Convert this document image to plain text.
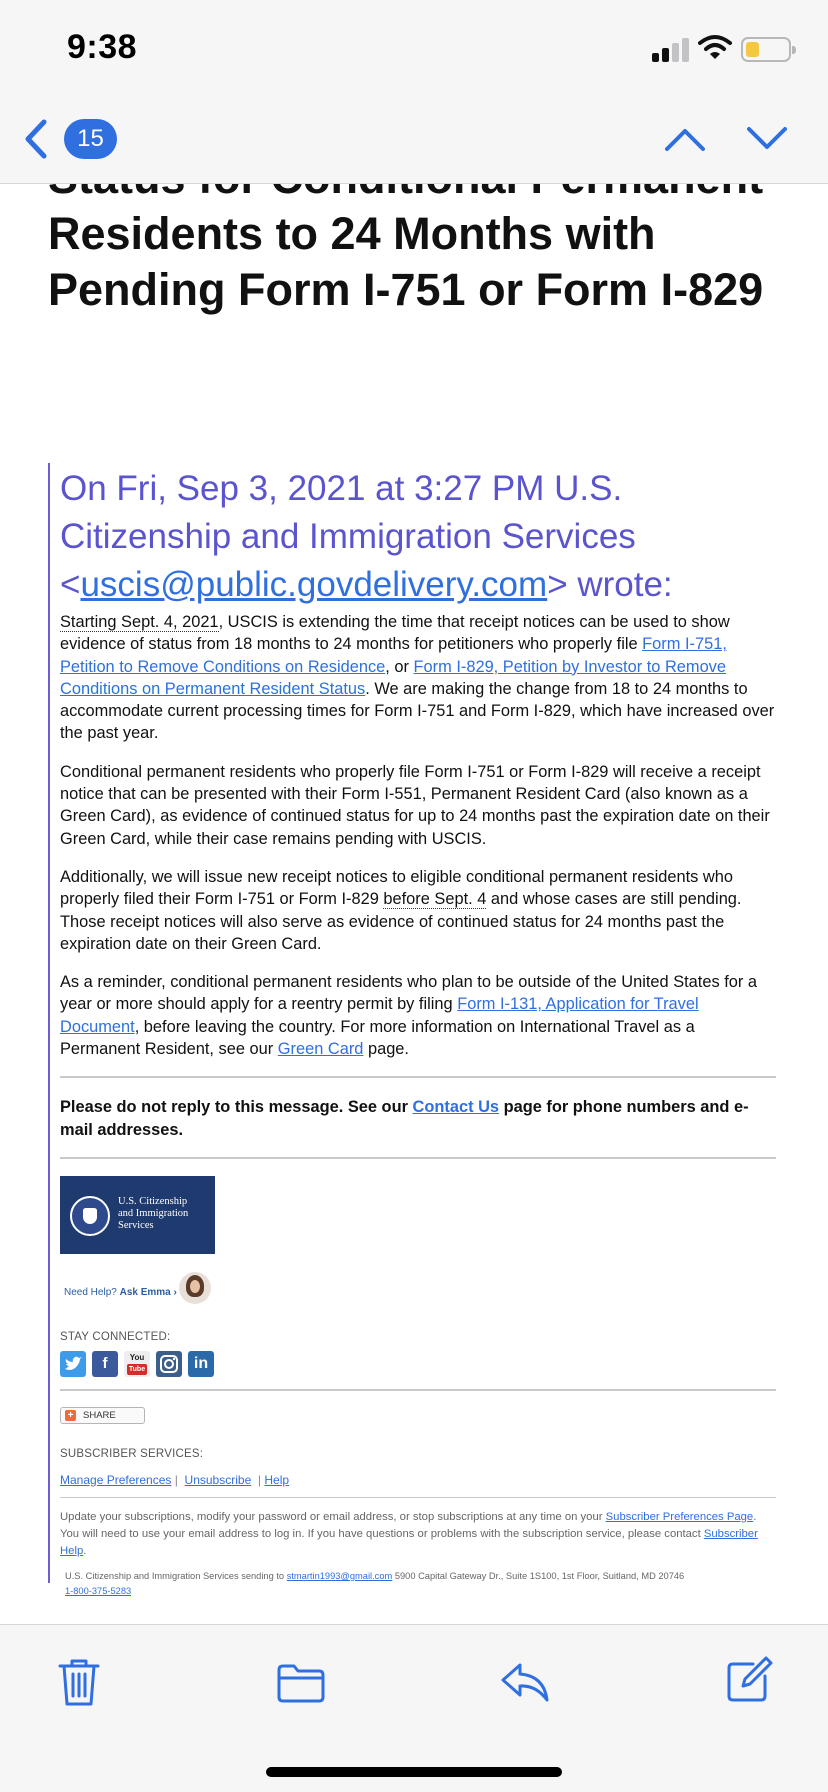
9:38
15
Residents to 24 Months with
Pending Form I-751 or Form I-829
On Fri, Sep 3, 2021 at 3:27 PM U.S. Citizenship and Immigration Services
<uscis@public.govdelivery.com> wrote:

Starting Sept. 4, 2021, USCIS is extending the time that receipt notices can be used to show evidence of status from 18 months to 24 months for petitioners who properly file Form I-751, Petition to Remove Conditions on Residence, or Form I-829, Petition by Investor to Remove Conditions on Permanent Resident Status. We are making the change from 18 to 24 months to accommodate current processing times for Form I-751 and Form I-829, which have increased over the past year.

Conditional permanent residents who properly file Form I-751 or Form I-829 will receive a receipt notice that can be presented with their Form I-551, Permanent Resident Card (also known as a Green Card), as evidence of continued status for up to 24 months past the expiration date on their Green Card, while their case remains pending with USCIS.

Additionally, we will issue new receipt notices to eligible conditional permanent residents who properly filed their Form I-751 or Form I-829 before Sept. 4 and whose cases are still pending. Those receipt notices will also serve as evidence of continued status for 24 months past the expiration date on their Green Card.

As a reminder, conditional permanent residents who plan to be outside of the United States for a year or more should apply for a reentry permit by filing Form I-131, Application for Travel Document, before leaving the country. For more information on International Travel as a Permanent Resident, see our Green Card page.

Please do not reply to this message. See our Contact Us page for phone numbers and e-mail addresses.

U.S. Citizenship
and Immigration
Services
Need Help? Ask Emma ›
STAY CONNECTED:
f	You
Tube	in
+ SHARE
SUBSCRIBER SERVICES:
Manage Preferences |  Unsubscribe  | Help
Update your subscriptions, modify your password or email address, or stop subscriptions at any time on your Subscriber Preferences Page. You will need to use your email address to log in. If you have questions or problems with the subscription service, please contact Subscriber Help.
U.S. Citizenship and Immigration Services sending to stmartin1993@gmail.com 5900 Capital Gateway Dr., Suite 1S100, 1st Floor, Suitland, MD 20746
1-800-375-5283
